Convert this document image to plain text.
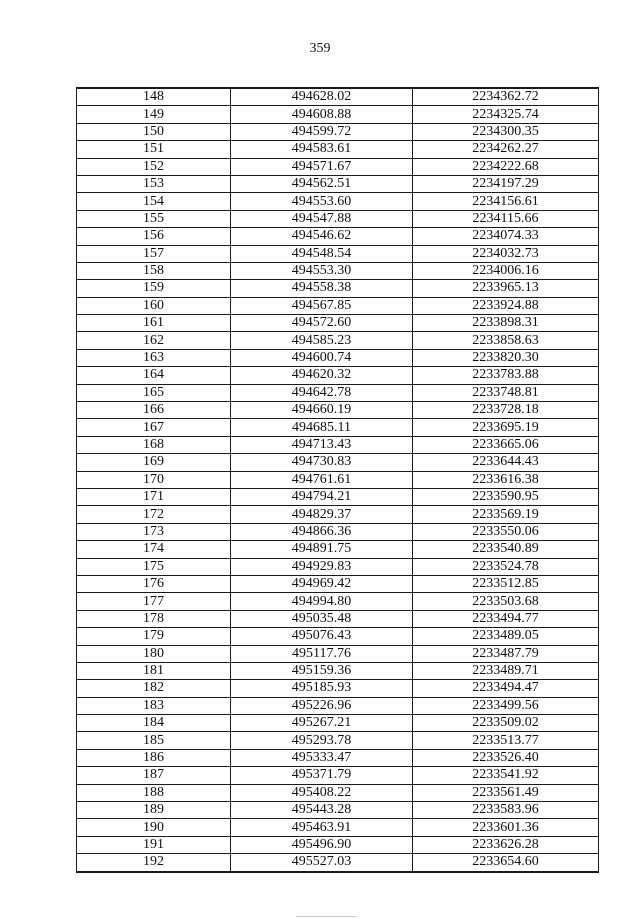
359
148	494628.02	2234362.72
149	494608.88	2234325.74
150	494599.72	2234300.35
151	494583.61	2234262.27
152	494571.67	2234222.68
153	494562.51	2234197.29
154	494553.60	2234156.61
155	494547.88	2234115.66
156	494546.62	2234074.33
157	494548.54	2234032.73
158	494553.30	2234006.16
159	494558.38	2233965.13
160	494567.85	2233924.88
161	494572.60	2233898.31
162	494585.23	2233858.63
163	494600.74	2233820.30
164	494620.32	2233783.88
165	494642.78	2233748.81
166	494660.19	2233728.18
167	494685.11	2233695.19
168	494713.43	2233665.06
169	494730.83	2233644.43
170	494761.61	2233616.38
171	494794.21	2233590.95
172	494829.37	2233569.19
173	494866.36	2233550.06
174	494891.75	2233540.89
175	494929.83	2233524.78
176	494969.42	2233512.85
177	494994.80	2233503.68
178	495035.48	2233494.77
179	495076.43	2233489.05
180	495117.76	2233487.79
181	495159.36	2233489.71
182	495185.93	2233494.47
183	495226.96	2233499.56
184	495267.21	2233509.02
185	495293.78	2233513.77
186	495333.47	2233526.40
187	495371.79	2233541.92
188	495408.22	2233561.49
189	495443.28	2233583.96
190	495463.91	2233601.36
191	495496.90	2233626.28
192	495527.03	2233654.60
